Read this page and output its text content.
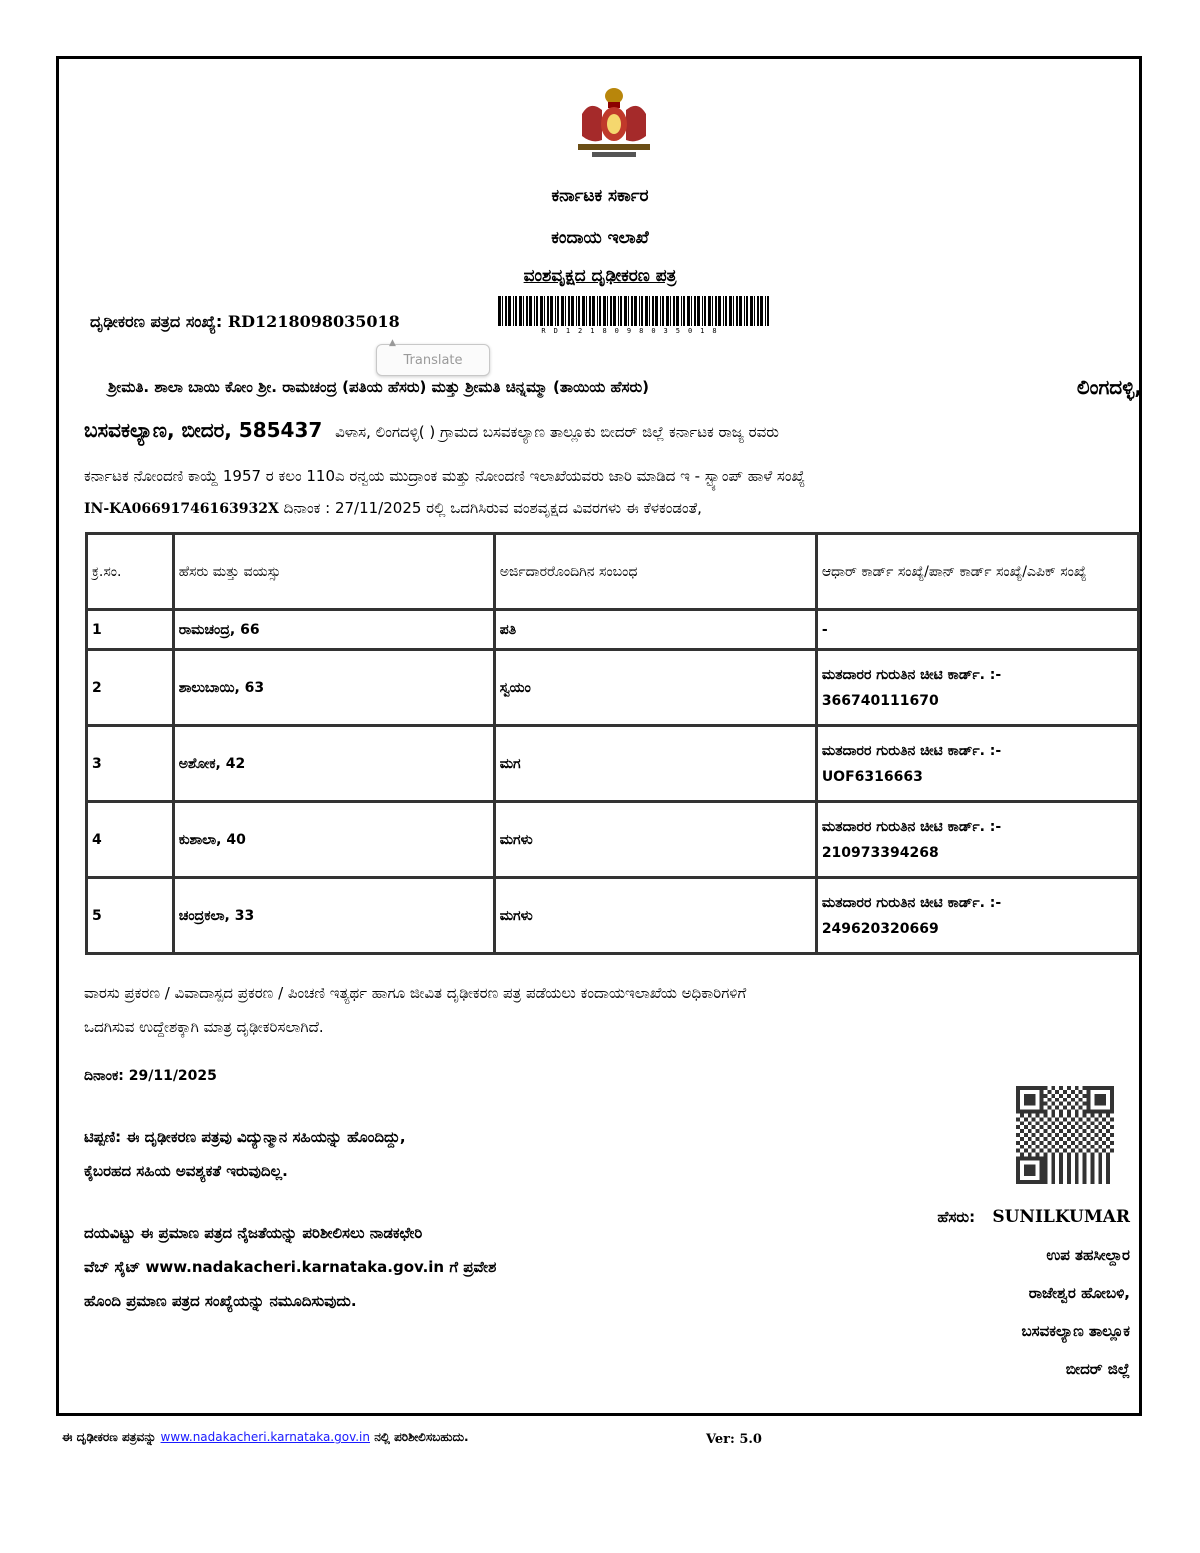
ಕರ್ನಾಟಕ ಸರ್ಕಾರ
ಕಂದಾಯ ಇಲಾಖೆ
ವಂಶವೃಕ್ಷದ ದೃಢೀಕರಣ ಪತ್ರ
ದೃಢೀಕರಣ ಪತ್ರದ ಸಂಖ್ಯೆ: RD1218098035018	RD1218098035018
▲
Translate
ಶ್ರೀಮತಿ. ಶಾಲಾ ಬಾಯಿ ಕೋಂ ಶ್ರೀ. ರಾಮಚಂದ್ರ (ಪತಿಯ ಹೆಸರು) ಮತ್ತು ಶ್ರೀಮತಿ ಚಿನ್ನಮ್ಮಾ (ತಾಯಿಯ ಹೆಸರು)	ಲಿಂಗದಳ್ಳಿ,
ಬಸವಕಲ್ಯಾಣ, ಬೀದರ, 585437 ವಿಳಾಸ, ಲಿಂಗದಳ್ಳಿ( ) ಗ್ರಾಮದ ಬಸವಕಲ್ಯಾಣ ತಾಲ್ಲೂಕು ಬೀದರ್ ಜಿಲ್ಲೆ ಕರ್ನಾಟಕ ರಾಜ್ಯ ರವರು
ಕರ್ನಾಟಕ ನೋಂದಣಿ ಕಾಯ್ದೆ 1957 ರ ಕಲಂ 110ಎ ರನ್ವಯ ಮುದ್ರಾಂಕ ಮತ್ತು ನೋಂದಣಿ ಇಲಾಖೆಯವರು ಜಾರಿ ಮಾಡಿದ ಇ - ಸ್ಟ್ಯಾಂಪ್ ಹಾಳೆ ಸಂಖ್ಯೆ
IN-KA06691746163932X ದಿನಾಂಕ : 27/11/2025 ರಲ್ಲಿ ಒದಗಿಸಿರುವ ವಂಶವೃಕ್ಷದ ವಿವರಗಳು ಈ ಕೆಳಕಂಡಂತೆ,
ಕ್ರ.ಸಂ.	ಹೆಸರು ಮತ್ತು ವಯಸ್ಸು	ಅರ್ಜಿದಾರರೊಂದಿಗಿನ ಸಂಬಂಧ	ಆಧಾರ್ ಕಾರ್ಡ್ ಸಂಖ್ಯೆ/ಪಾನ್ ಕಾರ್ಡ್ ಸಂಖ್ಯೆ/ಎಪಿಕ್ ಸಂಖ್ಯೆ
1	ರಾಮಚಂದ್ರ, 66	ಪತಿ	-
2	ಶಾಲುಬಾಯಿ, 63	ಸ್ವಯಂ	ಮತದಾರರ ಗುರುತಿನ ಚೀಟಿ ಕಾರ್ಡ್. :-
366740111670

3	ಅಶೋಕ, 42	ಮಗ	ಮತದಾರರ ಗುರುತಿನ ಚೀಟಿ ಕಾರ್ಡ್. :-
UOF6316663

4	ಕುಶಾಲಾ, 40	ಮಗಳು	ಮತದಾರರ ಗುರುತಿನ ಚೀಟಿ ಕಾರ್ಡ್. :-
210973394268

5	ಚಂದ್ರಕಲಾ, 33	ಮಗಳು	ಮತದಾರರ ಗುರುತಿನ ಚೀಟಿ ಕಾರ್ಡ್. :-
249620320669
ವಾರಸು ಪ್ರಕರಣ / ವಿವಾದಾಸ್ಪದ ಪ್ರಕರಣ / ಪಿಂಚಣಿ ಇತ್ಯರ್ಥ ಹಾಗೂ ಜೀವಿತ ದೃಢೀಕರಣ ಪತ್ರ ಪಡೆಯಲು ಕಂದಾಯಇಲಾಖೆಯ ಅಧಿಕಾರಿಗಳಿಗೆ
ಒದಗಿಸುವ ಉದ್ದೇಶಕ್ಕಾಗಿ ಮಾತ್ರ ದೃಢೀಕರಿಸಲಾಗಿದೆ.
ದಿನಾಂಕ: 29/11/2025
ಟಿಪ್ಪಣಿ: ಈ ದೃಢೀಕರಣ ಪತ್ರವು ವಿದ್ಯುನ್ಮಾನ ಸಹಿಯನ್ನು ಹೊಂದಿದ್ದು,
ಕೈಬರಹದ ಸಹಿಯ ಅವಶ್ಯಕತೆ ಇರುವುದಿಲ್ಲ.
ದಯವಿಟ್ಟು ಈ ಪ್ರಮಾಣ ಪತ್ರದ ನೈಜತೆಯನ್ನು ಪರಿಶೀಲಿಸಲು ನಾಡಕಛೇರಿ
ವೆಬ್ ಸೈಟ್ www.nadakacheri.karnataka.gov.in ಗೆ ಪ್ರವೇಶ
ಹೊಂದಿ ಪ್ರಮಾಣ ಪತ್ರದ ಸಂಖ್ಯೆಯನ್ನು ನಮೂದಿಸುವುದು.
ಹೆಸರು: SUNILKUMAR
ಉಪ ತಹಸೀಲ್ದಾರ
ರಾಜೇಶ್ವರ ಹೋಬಳಿ,
ಬಸವಕಲ್ಯಾಣ ತಾಲ್ಲೂಕ
ಬೀದರ್ ಜಿಲ್ಲೆ
ಈ ದೃಢೀಕರಣ ಪತ್ರವನ್ನು www.nadakacheri.karnataka.gov.in ನಲ್ಲಿ ಪರಿಶೀಲಿಸಬಹುದು.	Ver: 5.0
